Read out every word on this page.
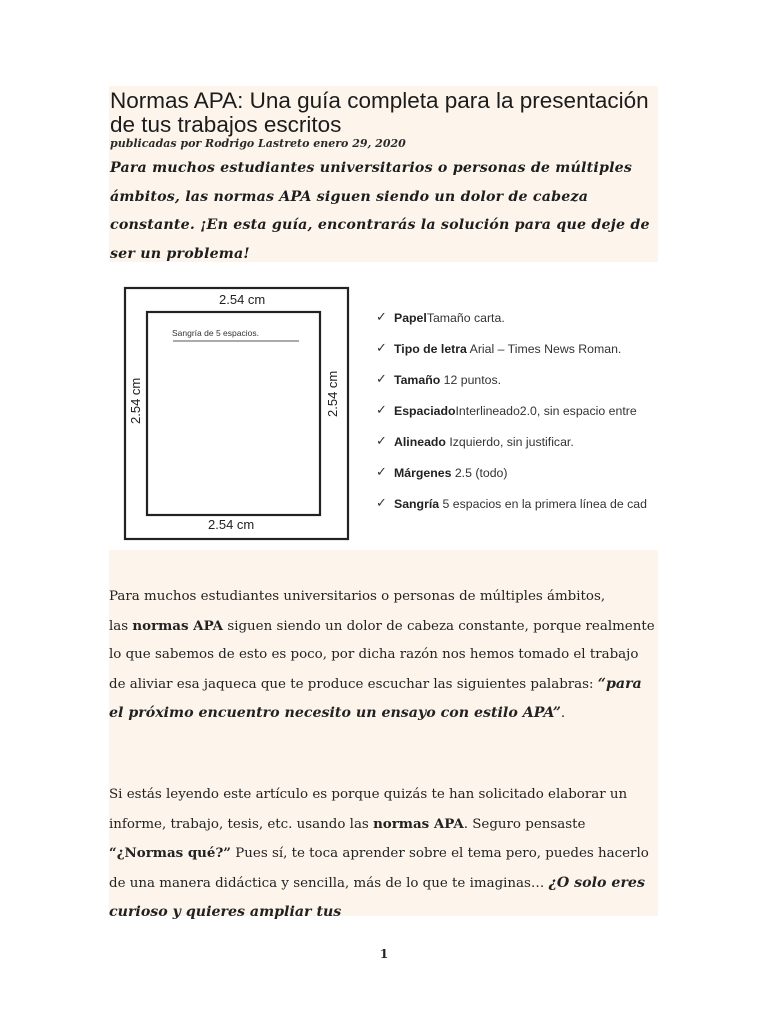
Normas APA: Una guía completa para la presentación de tus trabajos escritos
publicadas por Rodrigo Lastreto enero 29, 2020

Para muchos estudiantes universitarios o personas de múltiples ámbitos, las normas APA siguen siendo un dolor de cabeza constante. ¡En esta guía, encontrarás la solución para que deje de ser un problema!

Sangría de 5 espacios.
2.54 cm
2.54 cm
2.54 cm	2.54 cm
✓ PapelTamaño carta.
✓ Tipo de letra Arial – Times News Roman.
✓ Tamaño 12 puntos.
✓ EspaciadoInterlineado2.0, sin espacio entre
✓ Alineado Izquierdo, sin justificar.
✓ Márgenes 2.5 (todo)
✓ Sangría 5 espacios en la primera línea de cad

Para muchos estudiantes universitarios o personas de múltiples ámbitos,
las normas APA siguen siendo un dolor de cabeza constante, porque realmente lo que sabemos de esto es poco, por dicha razón nos hemos tomado el trabajo de aliviar esa jaqueca que te produce escuchar las siguientes palabras: “para el próximo encuentro necesito un ensayo con estilo APA”.

Si estás leyendo este artículo es porque quizás te han solicitado elaborar un informe, trabajo, tesis, etc. usando las normas APA. Seguro pensaste “¿Normas qué?” Pues sí, te toca aprender sobre el tema pero, puedes hacerlo de una manera didáctica y sencilla, más de lo que te imaginas… ¿O solo eres curioso y quieres ampliar tus

1
